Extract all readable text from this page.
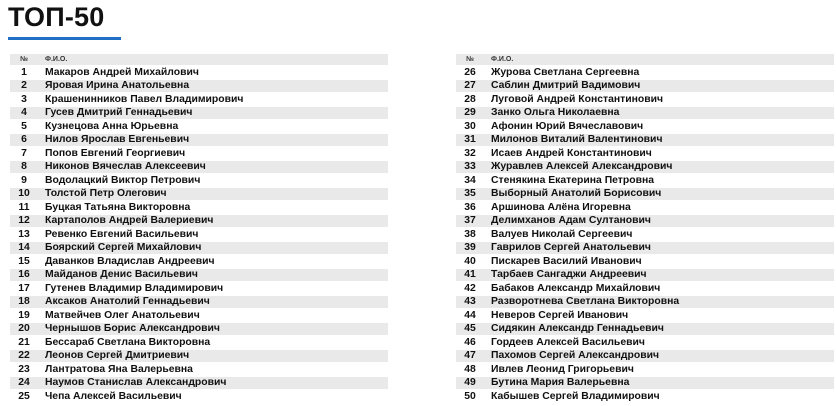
ТОП-50
№	Ф.И.О.
1	Макаров Андрей Михайлович
2	Яровая Ирина Анатольевна
3	Крашенинников Павел Владимирович
4	Гусев Дмитрий Геннадьевич
5	Кузнецова Анна Юрьевна
6	Нилов Ярослав Евгеньевич
7	Попов Евгений Георгиевич
8	Никонов Вячеслав Алексеевич
9	Водолацкий Виктор Петрович
10	Толстой Петр Олегович
11	Буцкая Татьяна Викторовна
12	Картаполов Андрей Валериевич
13	Ревенко Евгений Васильевич
14	Боярский Сергей Михайлович
15	Даванков Владислав Андреевич
16	Майданов Денис Васильевич
17	Гутенев Владимир Владимирович
18	Аксаков Анатолий Геннадьевич
19	Матвейчев Олег Анатольевич
20	Чернышов Борис Александрович
21	Бессараб Светлана Викторовна
22	Леонов Сергей Дмитриевич
23	Лантратова Яна Валерьевна
24	Наумов Станислав Александрович
25	Чепа Алексей Васильевич
№	Ф.И.О.
26	Журова Светлана Сергеевна
27	Саблин Дмитрий Вадимович
28	Луговой Андрей Константинович
29	Занко Ольга Николаевна
30	Афонин Юрий Вячеславович
31	Милонов Виталий Валентинович
32	Исаев Андрей Константинович
33	Журавлев Алексей Александрович
34	Стенякина Екатерина Петровна
35	Выборный Анатолий Борисович
36	Аршинова Алёна Игоревна
37	Делимханов Адам Султанович
38	Валуев Николай Сергеевич
39	Гаврилов Сергей Анатольевич
40	Пискарев Василий Иванович
41	Тарбаев Сангаджи Андреевич
42	Бабаков Александр Михайлович
43	Разворотнева Светлана Викторовна
44	Неверов Сергей Иванович
45	Сидякин Александр Геннадьевич
46	Гордеев Алексей Васильевич
47	Пахомов Сергей Александрович
48	Ивлев Леонид Григорьевич
49	Бутина Мария Валерьевна
50	Кабышев Сергей Владимирович
